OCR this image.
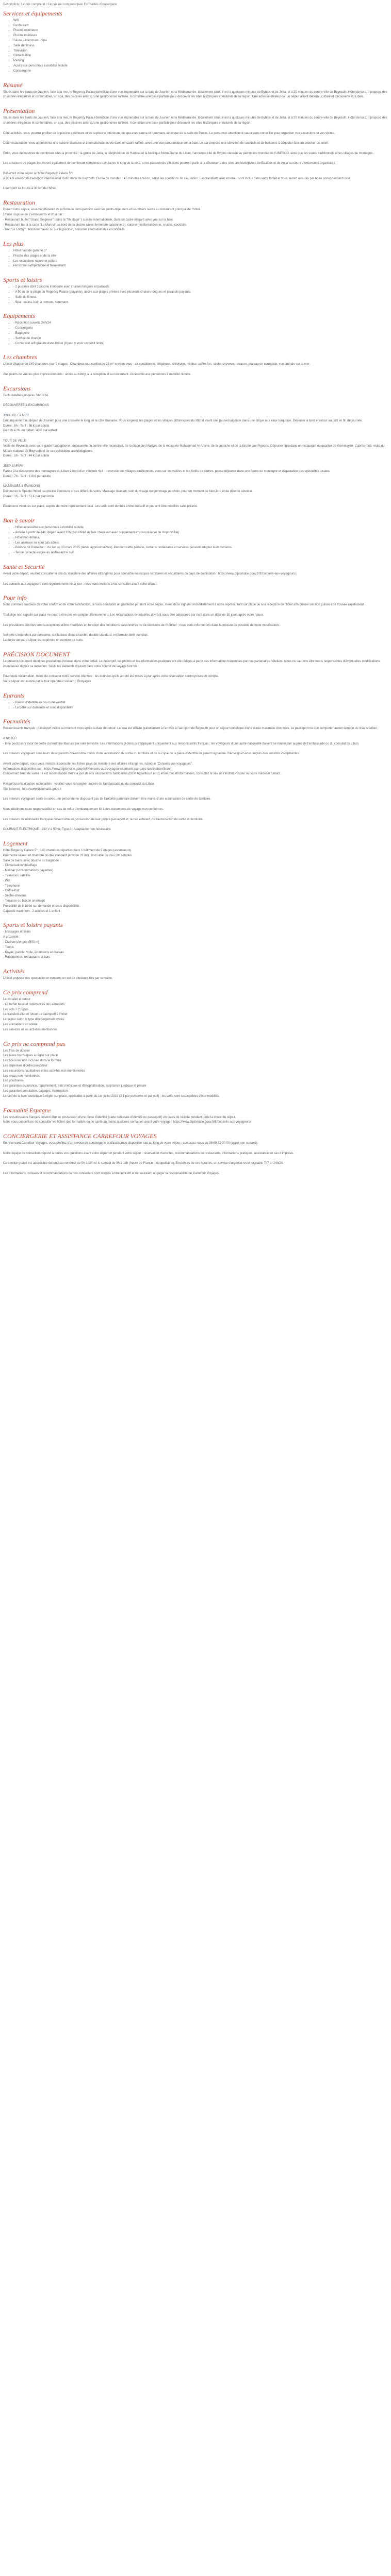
Description / Le prix comprend / Ce prix ne comprend pas/ Formalités /Concergerie
Services et équipements
• Wifi
• Restaurant
• Piscine extérieure
• Piscine intérieure
• Sauna - Hammam - Spa
• Salle de fitness
• Télévision
• Climatisation
• Parking
• Accès aux personnes à mobilité réduite
• Conciergerie
Résumé

Situés dans les hauts de Jounieh, face à la mer, le Regency Palace bénéficie d'une vue imprenable sur la baie de Jounieh et la Méditerranée. Idéalement situé, il est à quelques minutes de Byblos et de Jeita, et à 20 minutes du centre-ville de Beyrouth. Hôtel de luxe, il propose des chambres élégantes et confortables, un spa, des piscines ainsi qu'une gastronomie raffinée. Il constitue une base parfaite pour découvrir les sites historiques et naturels de la région. Une adresse idéale pour un séjour alliant détente, culture et découverte du Liban.

Présentation

Situés dans les hauts de Jounieh, face à la mer, le Regency Palace bénéficie d'une vue imprenable sur la baie de Jounieh et la Méditerranée. Idéalement situé, il est à quelques minutes de Byblos et de Jeita, et à 20 minutes du centre-ville de Beyrouth. Hôtel de luxe, il propose des chambres élégantes et confortables, un spa, des piscines ainsi qu'une gastronomie raffinée. Il constitue une base parfaite pour découvrir les sites historiques et naturels de la région.

Côté activités, vous pourrez profiter de la piscine extérieure et de la piscine intérieure, du spa avec sauna et hammam, ainsi que de la salle de fitness. Le personnel attentionné saura vous conseiller pour organiser vos excursions et vos visites.

Côté restauration, vous apprécierez une cuisine libanaise et internationale servie dans un cadre raffiné, avec une vue panoramique sur la baie. Le bar propose une sélection de cocktails et de boissons à déguster face au coucher de soleil.

Enfin, vous découvrirez de nombreux sites à proximité : la grotte de Jeita, le téléphérique de Harissa et la basilique Notre-Dame du Liban, l'ancienne cité de Byblos classée au patrimoine mondial de l'UNESCO, ainsi que les souks traditionnels et les villages de montagne.

Les amateurs de plages trouveront également de nombreux complexes balnéaires le long de la côte, et les passionnés d'histoire pourront partir à la découverte des sites archéologiques de Baalbek et de Anjar au cours d'excursions organisées.

Réservez votre séjour à l'hôtel Regency Palace 5*!

A 30 km environ de l'aéroport international Rafic Hariri de Beyrouth. Durée du transfert : 45 minutes environ, selon les conditions de circulation. Les transferts aller et retour sont inclus dans votre forfait et vous seront assurés par notre correspondant local.

L'aéroport se trouve à 30 km de l'hôtel.

Restauration

Durant votre séjour, vous bénéficierez de la formule demi-pension avec les petits-déjeuners et les dîners servis au restaurant principal de l'hôtel.

L'hôtel dispose de 2 restaurants et d'un bar :

- Restaurant buffet "Grand Seigneur" (dans la "fin stage" ) cuisine internationale, dans un cadre élégant avec vue sur la baie.

- Restaurant bar à la carte "La Marina" au bord de la piscine (avec fermeture saisonnière), cuisine méditerranéenne, snacks, cocktails.

- Bar "Le Lobby" : boissons "avec ou sur la piscine", boissons internationales et cocktails.

Les plus
• Hôtel haut de gamme 5*
• Proche des plages et de la ville
• Les excursions nature et culture
• Personnel sympathique et bienveillant
Sports et loisirs
• - 2 piscines dont 1 piscine intérieure avec chaises longues et parasols
• - A 50 m de la plage du Regency Palace (payante), accès aux plages privées avec plusieurs chaises longues et parasols payants.
• - Salle de fitness.
• - Spa : sauna, bain à remous, hammam.
Equipements
• - Réception ouverte 24h/24
• - Conciergerie
• - Bagagerie
• - Service de change
• - Connexion wifi gratuite dans l'hôtel (Il peut y avoir un débit limité)
Les chambres

L'hôtel dispose de 140 chambres (sur 9 étages). Chambres tout confort de 28 m² environ avec : air conditionné, téléphone, télévision, minibar, coffre-fort, sèche-cheveux, terrasse, plateau de courtoisie, vue latérale sur la mer.

Aux points de vue les plus impressionnants : accès au lobby, à la réception et au restaurant. Accessible aux personnes à mobilité réduite.

Excursions

Tarifs valables jusqu'au 31/10/24

DÉCOUVERTE & EXCURSIONS

JOUR DE LA MER

Embarquement au départ de Jounieh pour une croisière le long de la côte libanaise. Vous longerez les plages et les villages pittoresques du littoral avant une pause baignade dans une crique aux eaux turquoise. Déjeuner à bord et retour au port en fin de journée.

Durée : 8h - Tarif : 86 € par adulte

De 11h à 2h, en forfait : 40 € par enfant

TOUR DE VILLE

Visite de Beyrouth avec votre guide francophone : découverte du centre-ville reconstruit, de la place des Martyrs, de la mosquée Mohammad Al-Amine, de la corniche et de la Grotte aux Pigeons. Déjeuner libre dans un restaurant du quartier de Gemmayzé. L'après-midi, visite du Musée national de Beyrouth et de ses collections archéologiques.

Durée : 5h - Tarif : 44 € par adulte

JEEP SAFARI

Partez à la découverte des montagnes du Liban à bord d'un véhicule 4x4 : traversée des villages traditionnels, vues sur les vallées et les forêts de cèdres, pause déjeuner dans une ferme de montagne et dégustation des spécialités locales.

Durée : 7h - Tarif : 118 € par adulte

MASSAGES & ÉVASIONS

Découvrez le Spa de l'hôtel, sa piscine intérieure et ses différents soins. Massage relaxant, soin du visage ou gommage au choix, pour un moment de bien-être et de détente absolue.

Durée : 1h - Tarif : 51 € par personne

Excursions vendues sur place, auprès de notre représentant local. Les tarifs sont donnés à titre indicatif et peuvent être modifiés sans préavis.

Bon à savoir
• - Hôtel accessible aux personnes à mobilité réduite.
• - Arrivée à partir de 14h, départ avant 12h (possibilité de late check-out avec supplément et sous réserve de disponibilité)
• - Hôtel non-fumeur.
• - Les animaux ne sont pas admis.
• - Période de Ramadan : du 1er au 30 mars 2025 (dates approximatives). Pendant cette période, certains restaurants et services peuvent adapter leurs horaires.
• - Tenue correcte exigée au restaurant le soir.
Santé et Sécurité

Avant votre départ, veuillez consulter le site du ministère des affaires étrangères pour connaître les risques sanitaires et sécuritaires du pays de destination : https://www.diplomatie.gouv.fr/fr/conseils-aux-voyageurs/.

Les conseils aux voyageurs sont régulièrement mis à jour ; nous vous invitons à les consulter avant votre départ.

Pour info

Nous sommes soucieux de votre confort et de votre satisfaction. Si vous constatez un problème pendant votre séjour, merci de le signaler immédiatement à notre représentant sur place ou à la réception de l'hôtel afin qu'une solution puisse être trouvée rapidement.

Tout litige non signalé sur place ne pourra être pris en compte ultérieurement. Les réclamations éventuelles devront nous être adressées par écrit dans un délai de 30 jours après votre retour.

Les prestations décrites sont susceptibles d'être modifiées en fonction des conditions saisonnières ou de décisions de l'hôtelier ; nous vous informerons dans la mesure du possible de toute modification.

Nos prix s'entendent par personne, sur la base d'une chambre double standard, en formule demi-pension.

La durée de votre séjour est exprimée en nombre de nuits.

PRÉCISION DOCUMENT

Le présent document décrit les prestations incluses dans votre forfait. Le descriptif, les photos et les informations pratiques ont été rédigés à partir des informations transmises par nos partenaires hôteliers. Nous ne saurions être tenus responsables d'éventuelles modifications intervenues depuis sa rédaction. Seuls les éléments figurant dans votre contrat de voyage font foi.

Pour toute réclamation, merci de contacter notre service clientèle : les données qu'ils auront été mises à jour après votre réservation seront prises en compte.

Votre séjour est assuré par le tour opérateur suivant : Ôvoyages

Entrants
• - Pièces d'identité en cours de validité
• - Le bébé sur demande et sous disponibilité
Formalités

Ressortissants français : passeport valide au moins 6 mois après la date de retour. Le visa est délivré gratuitement à l'arrivée à l'aéroport de Beyrouth pour un séjour touristique d'une durée maximale d'un mois. Le passeport ne doit comporter aucun tampon ou visa israélien.

A NOTER

- Il ne peut pas y avoir de sortie du territoire libanais par voie terrestre. Les informations ci-dessus s'appliquent uniquement aux ressortissants français ; les voyageurs d'une autre nationalité doivent se renseigner auprès de l'ambassade ou du consulat du Liban.

Les mineurs voyageant sans leurs deux parents doivent être munis d'une autorisation de sortie du territoire et de la copie de la pièce d'identité du parent signataire. Renseignez-vous auprès des autorités compétentes.

Avant votre départ, nous vous invitons à consulter les fiches pays du ministère des affaires étrangères, rubrique "Conseils aux voyageurs".

Informations disponibles sur : https://www.diplomatie.gouv.fr/fr/conseils-aux-voyageurs/conseils-par-pays-destination/liban/.

Concernant l'état de santé : il est recommandé d'être à jour de vos vaccinations habituelles (DTP, hépatites A et B). Pour plus d'informations, consultez le site de l'Institut Pasteur ou votre médecin traitant.

Ressortissants d'autres nationalités : veuillez vous renseigner auprès de l'ambassade ou du consulat du Liban.

Site internet : http://www.diplomatie.gouv.fr

Les mineurs voyageant seuls ou avec une personne ne disposant pas de l'autorité parentale doivent être munis d'une autorisation de sortie de territoire.

Nous déclinons toute responsabilité en cas de refus d'embarquement lié à des documents de voyage non conformes.

Les mineurs de nationalité française doivent être en possession de leur propre passeport et, le cas échéant, de l'autorisation de sortie du territoire.

COURANT ÉLECTRIQUE : 230 V à 50Hz, Type A : Adaptateur non nécessaire

Logement

Hôtel Regency Palace 5* ; 140 chambres réparties dans 1 bâtiment de 9 étages (ascenseurs)

Pour votre séjour en chambre double standard (environ 28 m²) : lit double ou deux lits simples.

Salle de bains avec douche ou baignoire :

- Climatisation/chauffage

- Minibar (consommations payantes)

- Télévision satellite

- Wifi

- Téléphone

- Coffre-fort

- Sèche-cheveux

- Terrasse ou balcon aménagé

Possibilité de lit bébé sur demande et sous disponibilité.

Capacité maximum : 2 adultes et 1 enfant

Sports et loisirs payants

- Massages et soins

A proximité :

- Club de plongée (500 m)

- Tennis

- Kayak, paddle, voile, excursions en bateau

- Randonnées, restaurants et bars

Activités

L'hôtel propose des spectacles et concerts en soirée plusieurs fois par semaine.

Ce prix comprend

Le vol aller et retour

- Le forfait base et redevances des aéroports

Les vols + 2 repas

Le transfert aller et retour de l'aéroport à l'hôtel

Le séjour selon le type d'hébergement choisi

Les animations en soirée

Les services et les activités mentionnés

Ce prix ne comprend pas

Les frais de dossier

Les taxes touristiques à régler sur place

Les boissons non incluses dans la formule

Les dépenses d'ordre personnel

Les excursions facultatives et les activités non mentionnées

Les repas non mentionnés

Les pourboires

Les garanties assurance, rapatriement, frais médicaux et d'hospitalisation, assistance juridique et pénale

Les garanties annulation, bagages, interruption

Le tarif de la taxe touristique à régler sur place, applicable à partir du 1er juillet 2019 (3 $ par personne et par nuit) ; les tarifs sont susceptibles d'être modifiés.

Formalité Espagne

Les ressortissants français doivent être en possession d'une pièce d'identité (carte nationale d'identité ou passeport) en cours de validité pendant toute la durée du séjour.

Nous vous conseillons de consulter les fiches des formalités ou de santé au moins quelques semaines avant votre voyage : https://www.diplomatie.gouv.fr/fr/conseils-aux-voyageurs/

CONCIERGERIE ET ASSISTANCE CARREFOUR VOYAGES

En réservant Carrefour Voyages, vous profitez d'un service de conciergerie et d'assistance disponible tout au long de votre séjour : contactez-nous au 09 69 32 00 00 (appel non surtaxé).

Notre équipe de conseillers répond à toutes vos questions avant votre départ et pendant votre séjour : réservation d'activités, recommandations de restaurants, informations pratiques, assistance en cas d'imprévu.

Ce service gratuit est accessible du lundi au vendredi de 9h à 19h et le samedi de 9h à 18h (heure de France métropolitaine). En dehors de ces horaires, un service d'urgence reste joignable 7j/7 et 24h/24.

Les informations, conseils et recommandations de nos conseillers sont donnés à titre indicatif et ne sauraient engager la responsabilité de Carrefour Voyages.
